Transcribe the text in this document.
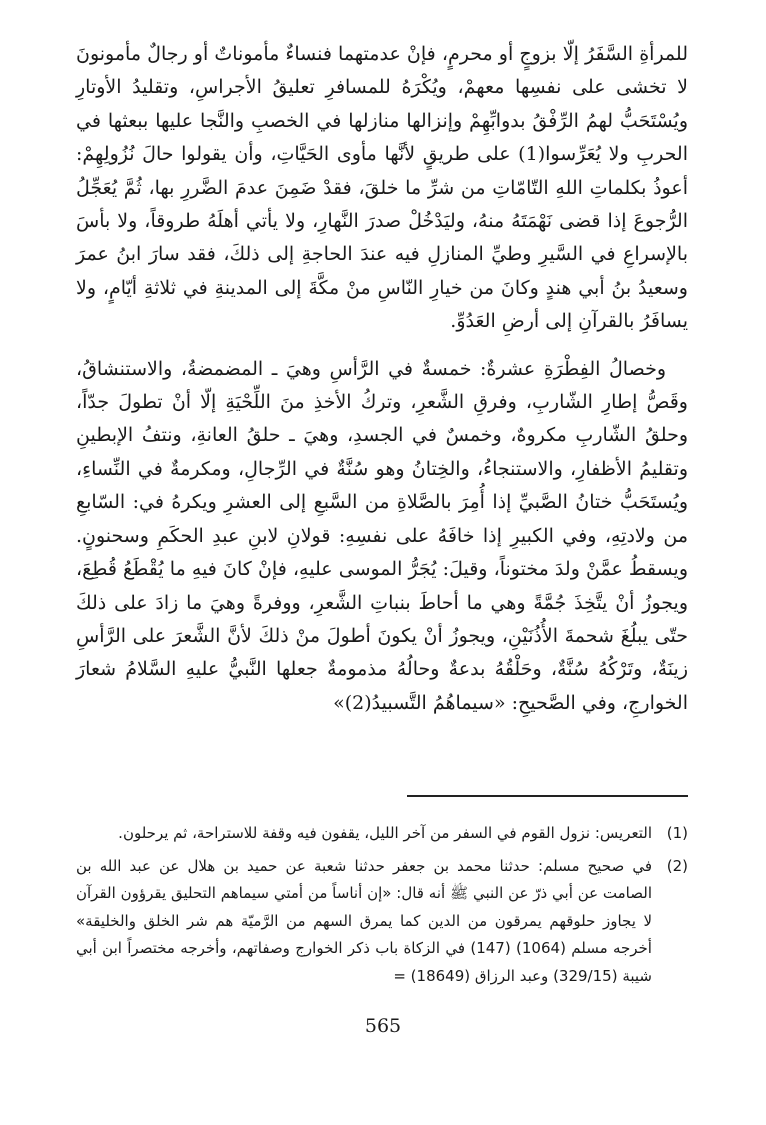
للمرأةِ السَّفَرُ إلّا بزوجٍ أو محرمٍ، فإنْ عدمتهما فنساءٌ مأموناتٌ أو رجالٌ مأمونونَ لا تخشى على نفسِها معهمْ، ويُكْرَهُ للمسافرِ تعليقُ الأجراسِ، وتقليدُ الأوتارِ ويُسْتَحَبُّ لهمُ الرِّفْقُ بدوابِّهِمْ وإنزالها منازلها في الخصبِ والنَّجا عليها ببعثها في الحربِ ولا يُعَرِّسوا(1) على طريقٍ لأنَّها مأوى الحَيَّاتِ، وأن يقولوا حالَ نُزُولِهِمْ: أعوذُ بكلماتِ اللهِ التّامّاتِ من شرِّ ما خلقَ، فقدْ ضَمِنَ عدمَ الضَّررِ بها، ثُمَّ يُعَجِّلُ الرُّجوعَ إذا قضى نَهْمَتَهُ منهُ، وليَدْخُلْ صدرَ النَّهارِ، ولا يأتي أهلَهُ طروقاً، ولا بأسَ بالإسراعِ في السَّيرِ وطيِّ المنازلِ فيه عندَ الحاجةِ إلى ذلكَ، فقد سارَ ابنُ عمرَ وسعيدُ بنُ أبي هندٍ وكانَ من خيارِ النّاسِ منْ مكَّةَ إلى المدينةِ في ثلاثةِ أيّامٍ، ولا يسافَرُ بالقرآنِ إلى أرضِ العَدُوِّ.

وخصالُ الفِطْرَةِ عشرةٌ: خمسةٌ في الرَّأسِ وهيَ ـ المضمضةُ، والاستنشاقُ، وقَصُّ إطارِ الشّاربِ، وفرقِ الشَّعرِ، وتركُ الأخذِ منَ اللِّحْيَةِ إلّا أنْ تطولَ جدّاً، وحلقُ الشّاربِ مكروهٌ، وخمسٌ في الجسدِ، وهيَ ـ حلقُ العانةِ، ونتفُ الإبطينِ وتقليمُ الأظفارِ، والاستنجاءُ، والخِتانُ وهو سُنَّةٌ في الرِّجالِ، ومكرمةٌ في النِّساءِ، ويُستَحَبُّ ختانُ الصَّبيِّ إذا أُمِرَ بالصَّلاةِ من السَّبعِ إلى العشرِ ويكرهُ في: السّابعِ من ولادتِهِ، وفي الكبيرِ إذا خافَهُ على نفسِهِ: قولانِ لابنِ عبدِ الحكَمِ وسحنونٍ. ويسقطُ عمَّنْ ولدَ مختوناً، وقيلَ: يُجَرُّ الموسى عليهِ، فإنْ كانَ فيهِ ما يُقْطَعُ قُطِعَ، ويجوزُ أنْ يتَّخِذَ جُمَّةً وهي ما أحاطَ بنباتِ الشَّعرِ، ووفرةً وهيَ ما زادَ على ذلكَ حتّى يبلُغَ شحمةَ الأُذُنَيْنِ، ويجوزُ أنْ يكونَ أطولَ منْ ذلكَ لأنَّ الشَّعرَ على الرَّأسِ زينَةٌ، وتَرْكُهُ سُنَّةٌ، وحَلْقُهُ بدعةٌ وحالُهُ مذمومةٌ جعلها النَّبيُّ عليهِ السَّلامُ شعارَ الخوارجِ، وفي الصَّحيحِ: «سيماهُمُ التَّسبيدُ(2)»

(1)
التعريس: نزول القوم في السفر من آخر الليل، يقفون فيه وقفة للاستراحة، ثم يرحلون.
(2)
في صحيح مسلم: حدثنا محمد بن جعفر حدثنا شعبة عن حميد بن هلال عن عبد الله بن الصامت عن أبي ذرّ عن النبي ﷺ أنه قال: «إن أناساً من أمتي سيماهم التحليق يقرؤون القرآن لا يجاوز حلوقهم يمرقون من الدين كما يمرق السهم من الرَّميّة هم شر الخلق والخليقة» أخرجه مسلم (1064) (147) في الزكاة باب ذكر الخوارج وصفاتهم، وأخرجه مختصراً ابن أبي شيبة (329/15) وعبد الرزاق (18649) =
565
